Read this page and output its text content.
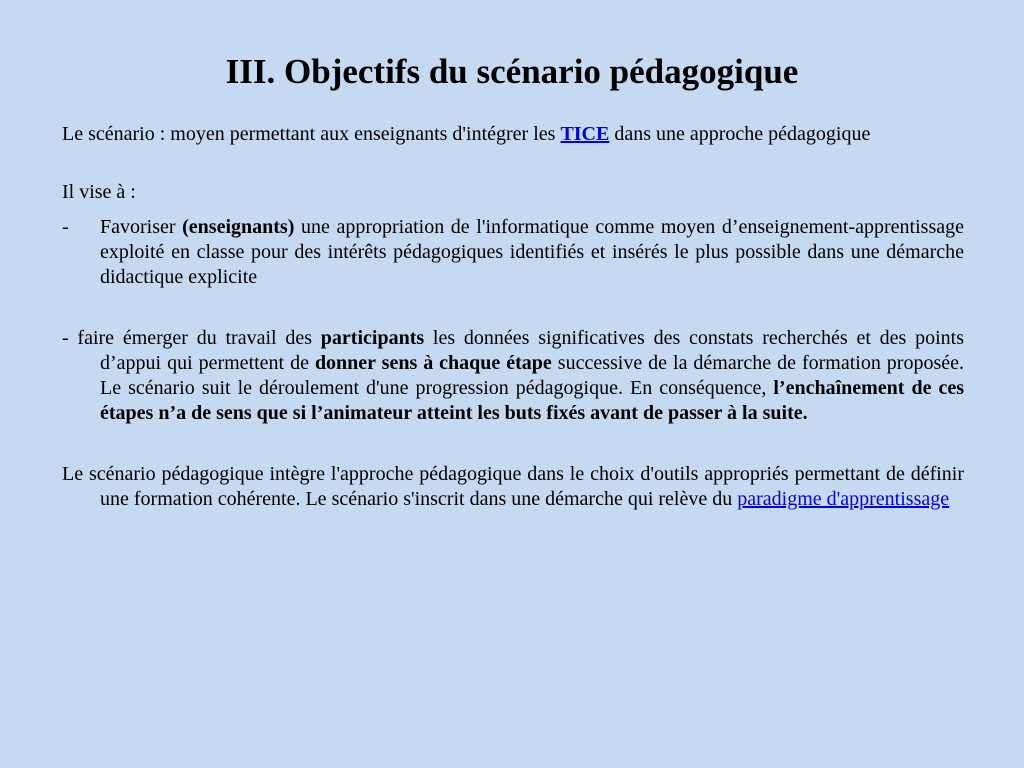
III. Objectifs du scénario pédagogique

Le scénario : moyen permettant aux enseignants d'intégrer les TICE dans une approche pédagogique

Il vise à :

-	Favoriser (enseignants) une appropriation de l'informatique comme moyen d’enseignement-apprentissage exploité en classe pour des intérêts pédagogiques identifiés et insérés le plus possible dans une démarche didactique explicite

- faire émerger du travail des participants les données significatives des constats recherchés et des points d’appui qui permettent de donner sens à chaque étape successive de la démarche de formation proposée. Le scénario suit le déroulement d'une progression pédagogique. En conséquence, l’enchaînement de ces étapes n’a de sens que si l’animateur atteint les buts fixés avant de passer à la suite.

Le scénario pédagogique intègre l'approche pédagogique dans le choix d'outils appropriés permettant de définir une formation cohérente. Le scénario s'inscrit dans une démarche qui relève du paradigme d'apprentissage
